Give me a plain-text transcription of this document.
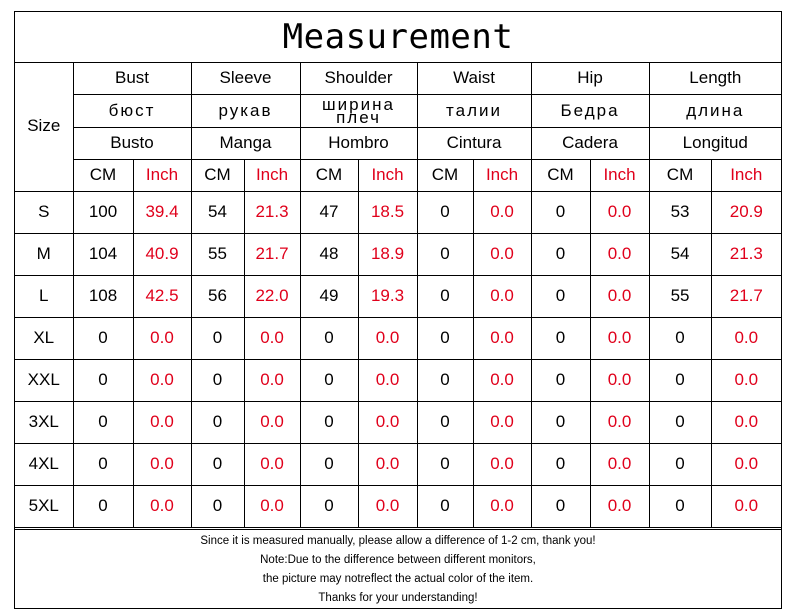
Measurement
Size	Bust		Sleeve		Shoulder		Waist		Hip		Length	
	бюст		рукав		ширина плеч		талии		Бедра		длина	
	Busto		Manga		Hombro		Cintura		Cadera		Longitud	
	CM	Inch	CM	Inch	CM	Inch	CM	Inch	CM	Inch	CM	Inch
S	100	39.4	54	21.3	47	18.5	0	0.0	0	0.0	53	20.9
M	104	40.9	55	21.7	48	18.9	0	0.0	0	0.0	54	21.3
L	108	42.5	56	22.0	49	19.3	0	0.0	0	0.0	55	21.7
XL	0	0.0	0	0.0	0	0.0	0	0.0	0	0.0	0	0.0
XXL	0	0.0	0	0.0	0	0.0	0	0.0	0	0.0	0	0.0
3XL	0	0.0	0	0.0	0	0.0	0	0.0	0	0.0	0	0.0
4XL	0	0.0	0	0.0	0	0.0	0	0.0	0	0.0	0	0.0
5XL	0	0.0	0	0.0	0	0.0	0	0.0	0	0.0	0	0.0
Since it is measured manually, please allow a difference of 1-2 cm, thank you!
Note:Due to the difference between different monitors,
the picture may notreflect the actual color of the item.
Thanks for your understanding!
